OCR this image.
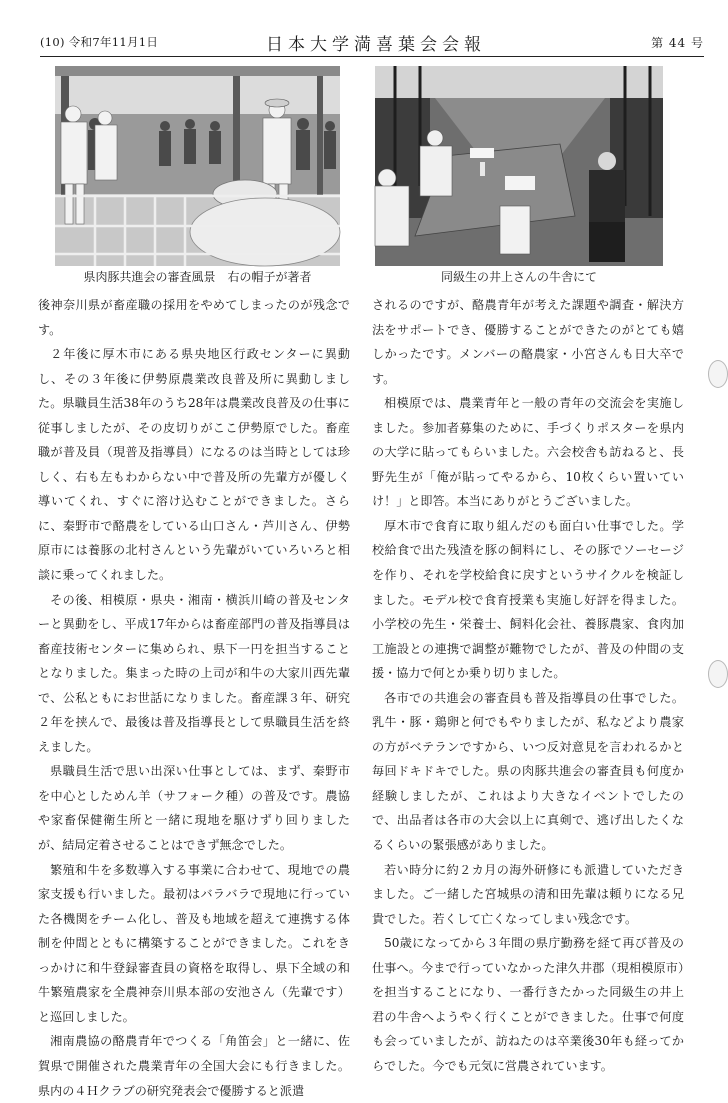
(10) 令和7年11月1日	日本大学満喜葉会会報	第 44 号
県肉豚共進会の審査風景　右の帽子が著者	同級生の井上さんの牛舎にて

後神奈川県が畜産職の採用をやめてしまったのが残念です。

２年後に厚木市にある県央地区行政センターに異動し、その３年後に伊勢原農業改良普及所に異動しました。県職員生活38年のうち28年は農業改良普及の仕事に従事しましたが、その皮切りがここ伊勢原でした。畜産職が普及員（現普及指導員）になるのは当時としては珍しく、右も左もわからない中で普及所の先輩方が優しく導いてくれ、すぐに溶け込むことができました。さらに、秦野市で酪農をしている山口さん・芦川さん、伊勢原市には養豚の北村さんという先輩がいていろいろと相談に乗ってくれました。

その後、相模原・県央・湘南・横浜川崎の普及センターと異動をし、平成17年からは畜産部門の普及指導員は畜産技術センターに集められ、県下一円を担当することとなりました。集まった時の上司が和牛の大家川西先輩で、公私ともにお世話になりました。畜産課３年、研究２年を挟んで、最後は普及指導長として県職員生活を終えました。

県職員生活で思い出深い仕事としては、まず、秦野市を中心としためん羊（サフォーク種）の普及です。農協や家畜保健衛生所と一緒に現地を駆けずり回りましたが、結局定着させることはできず無念でした。

繁殖和牛を多数導入する事業に合わせて、現地での農家支援も行いました。最初はバラバラで現地に行っていた各機関をチーム化し、普及も地域を超えて連携する体制を仲間とともに構築することができました。これをきっかけに和牛登録審査員の資格を取得し、県下全域の和牛繁殖農家を全農神奈川県本部の安池さん（先輩です）と巡回しました。

湘南農協の酪農青年でつくる「角笛会」と一緒に、佐賀県で開催された農業青年の全国大会にも行きました。県内の４Ｈクラブの研究発表会で優勝すると派遣

されるのですが、酪農青年が考えた課題や調査・解決方法をサポートでき、優勝することができたのがとても嬉しかったです。メンバーの酪農家・小宮さんも日大卒です。

相模原では、農業青年と一般の青年の交流会を実施しました。参加者募集のために、手づくりポスターを県内の大学に貼ってもらいました。六会校舎も訪ねると、長野先生が「俺が貼ってやるから、10枚くらい置いていけ！」と即答。本当にありがとうございました。

厚木市で食育に取り組んだのも面白い仕事でした。学校給食で出た残渣を豚の飼料にし、その豚でソーセージを作り、それを学校給食に戻すというサイクルを検証しました。モデル校で食育授業も実施し好評を得ました。小学校の先生・栄養士、飼料化会社、養豚農家、食肉加工施設との連携で調整が難物でしたが、普及の仲間の支援・協力で何とか乗り切りました。

各市での共進会の審査員も普及指導員の仕事でした。乳牛・豚・鶏卵と何でもやりましたが、私などより農家の方がベテランですから、いつ反対意見を言われるかと毎回ドキドキでした。県の肉豚共進会の審査員も何度か経験しましたが、これはより大きなイベントでしたので、出品者は各市の大会以上に真剣で、逃げ出したくなるくらいの緊張感がありました。

若い時分に約２カ月の海外研修にも派遣していただきました。ご一緒した宮城県の清和田先輩は頼りになる兄貴でした。若くして亡くなってしまい残念です。

50歳になってから３年間の県庁勤務を経て再び普及の仕事へ。今まで行っていなかった津久井郡（現相模原市）を担当することになり、一番行きたかった同級生の井上君の牛舎へようやく行くことができました。仕事で何度も会っていましたが、訪ねたのは卒業後30年も経ってからでした。今でも元気に営農されています。
